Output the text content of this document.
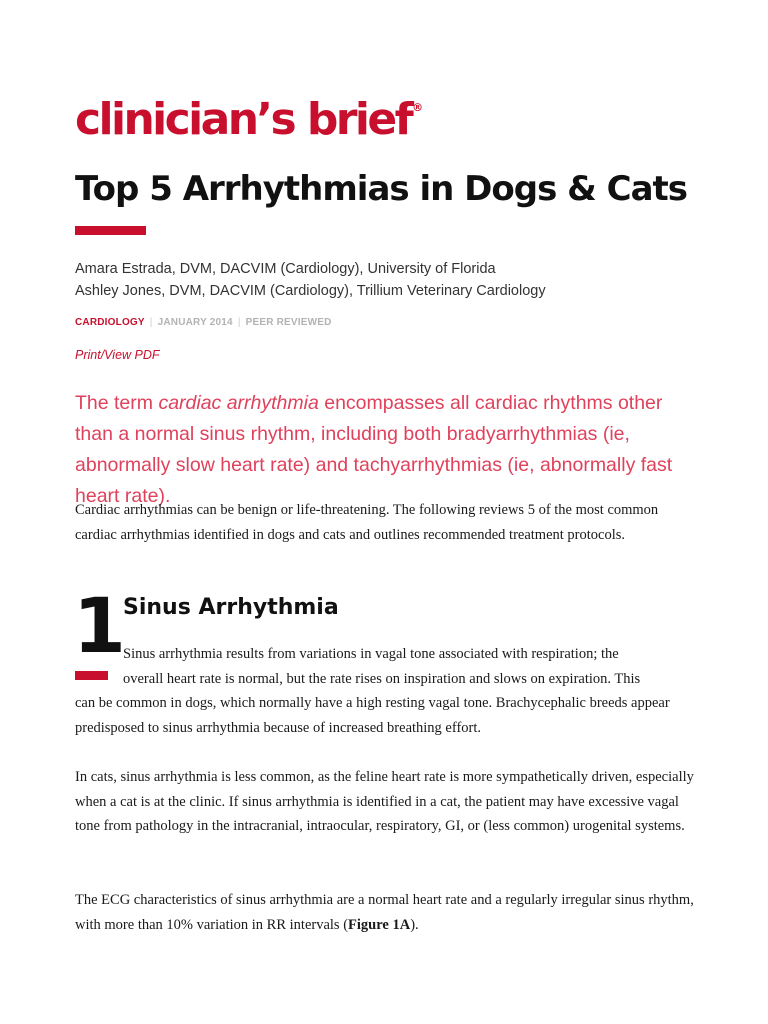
clinician’s brief®
Top 5 Arrhythmias in Dogs & Cats
Amara Estrada, DVM, DACVIM (Cardiology), University of Florida
Ashley Jones, DVM, DACVIM (Cardiology), Trillium Veterinary Cardiology
CARDIOLOGY | JANUARY 2014 | PEER REVIEWED
Print/View PDF

The term cardiac arrhythmia encompasses all cardiac rhythms other than a normal sinus rhythm, including both bradyarrhythmias (ie, abnormally slow heart rate) and tachyarrhythmias (ie, abnormally fast heart rate).

Cardiac arrhythmias can be benign or life-threatening. The following reviews 5 of the most common cardiac arrhythmias identified in dogs and cats and outlines recommended treatment protocols.

1 Sinus Arrhythmia

Sinus arrhythmia results from variations in vagal tone associated with respiration; the
overall heart rate is normal, but the rate rises on inspiration and slows on expiration. This
can be common in dogs, which normally have a high resting vagal tone. Brachycephalic breeds appear predisposed to sinus arrhythmia because of increased breathing effort.

In cats, sinus arrhythmia is less common, as the feline heart rate is more sympathetically driven, especially when a cat is at the clinic. If sinus arrhythmia is identified in a cat, the patient may have excessive vagal tone from pathology in the intracranial, intraocular, respiratory, GI, or (less common) urogenital systems.

The ECG characteristics of sinus arrhythmia are a normal heart rate and a regularly irregular sinus rhythm, with more than 10% variation in RR intervals (Figure 1A).
